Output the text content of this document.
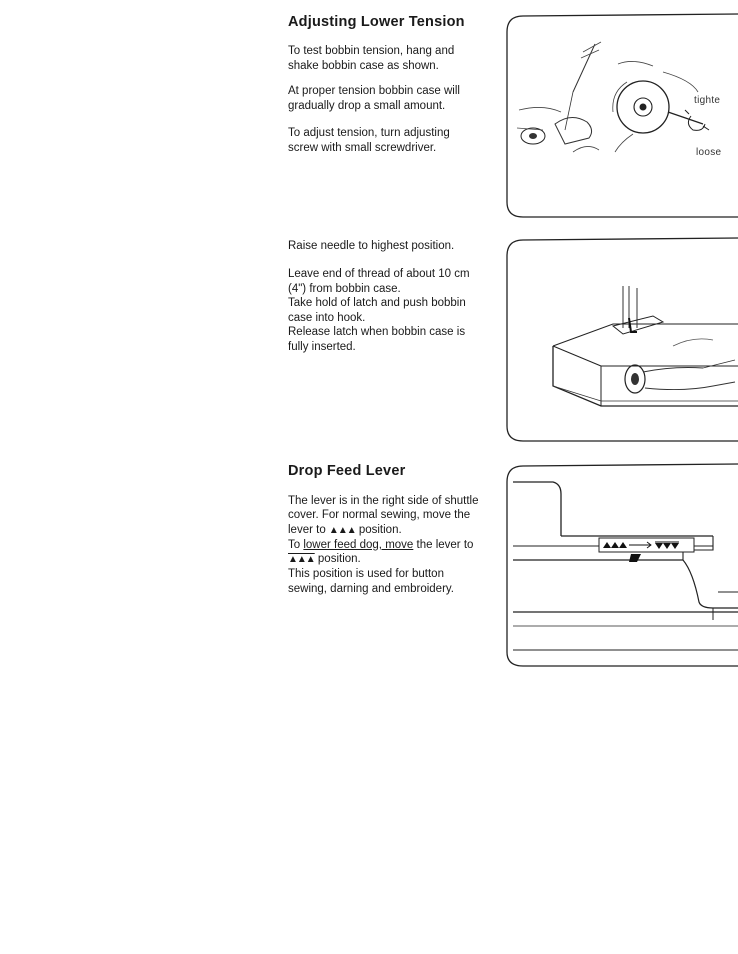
Adjusting Lower Tension

To test bobbin tension, hang and shake bobbin case as shown.

At proper tension bobbin case will gradually drop a small amount.

To adjust tension, turn adjusting screw with small screwdriver.

tighte
loose

Raise needle to highest position.

Leave end of thread of about 10 cm (4") from bobbin case.

Take hold of latch and push bobbin case into hook.

Release latch when bobbin case is fully inserted.

Drop Feed Lever
The lever is in the right side of shuttle cover. For normal sewing, move the lever to ▲▲▲ position.
To lower feed dog, move the lever to ▲▲▲ position.
This position is used for button sewing, darning and embroidery.
